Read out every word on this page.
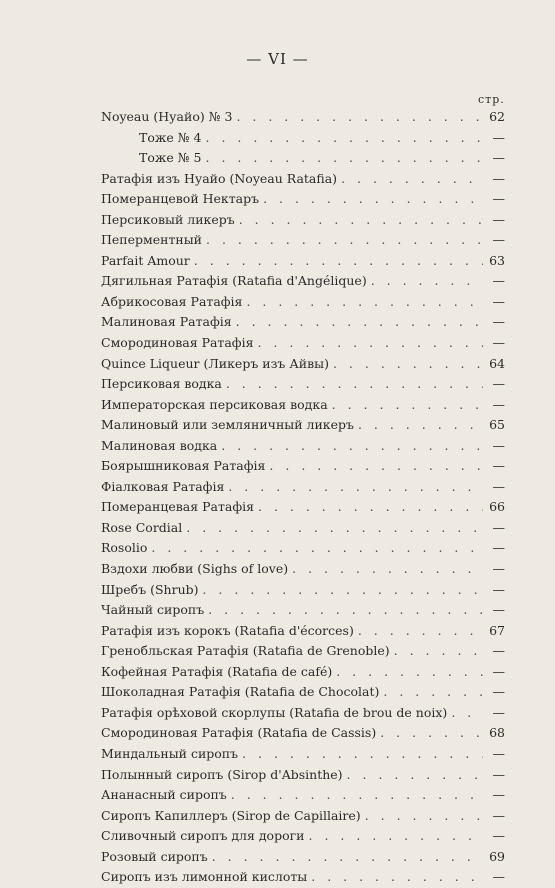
— VI —
стр.
Noyeau (Нуайо) № 3 . . .	62
Тоже № 4 . . .	—
Тоже № 5 . . .	—
Ратафія изъ Нуайо (Noyeau Ratafia) . . .	—
Померанцевой Нектаръ . . .	—
Персиковый ликеръ . . .	—
Пеперментный . . .	—
Parfait Amour . . .	63
Дягильная Ратафія (Ratafia d'Angélique) . . .	—
Абрикосовая Ратафія . . .	—
Малиновая Ратафія . . .	—
Смородиновая Ратафія . . .	—
Quince Liqueur (Ликеръ изъ Айвы) . . .	64
Персиковая водка . . .	—
Императорская персиковая водка . . .	—
Малиновый или земляничный ликеръ . . .	65
Малиновая водка . . .	—
Боярышниковая Ратафія . . .	—
Фіалковая Ратафія . . .	—
Померанцевая Ратафія . . .	66
Rose Cordial . . .	—
Rosolio . . .	—
Вздохи любви (Sighs of love) . . .	—
Шребъ (Shrub) . . .	—
Чайный сиропъ . . .	—
Ратафія изъ корокъ (Ratafia d'écorces) . . .	67
Гренобльская Ратафія (Ratafia de Grenoble) . . .	—
Кофейная Ратафія (Ratafia de café) . . .	—
Шоколадная Ратафія (Ratafia de Chocolat) . . .	—
Ратафія орѣховой скорлупы (Ratafia de brou de noix) . . .	—
Смородиновая Ратафія (Ratafia de Cassis) . . .	68
Миндальный сиропъ . . .	—
Полынный сиропъ (Sirop d'Absinthe) . . .	—
Ананасный сиропъ . . .	—
Сиропъ Капиллеръ (Sirop de Capillaire) . . .	—
Сливочный сиропъ для дороги . . .	—
Розовый сиропъ . . .	69
Сиропъ изъ лимонной кислоты . . .	—
